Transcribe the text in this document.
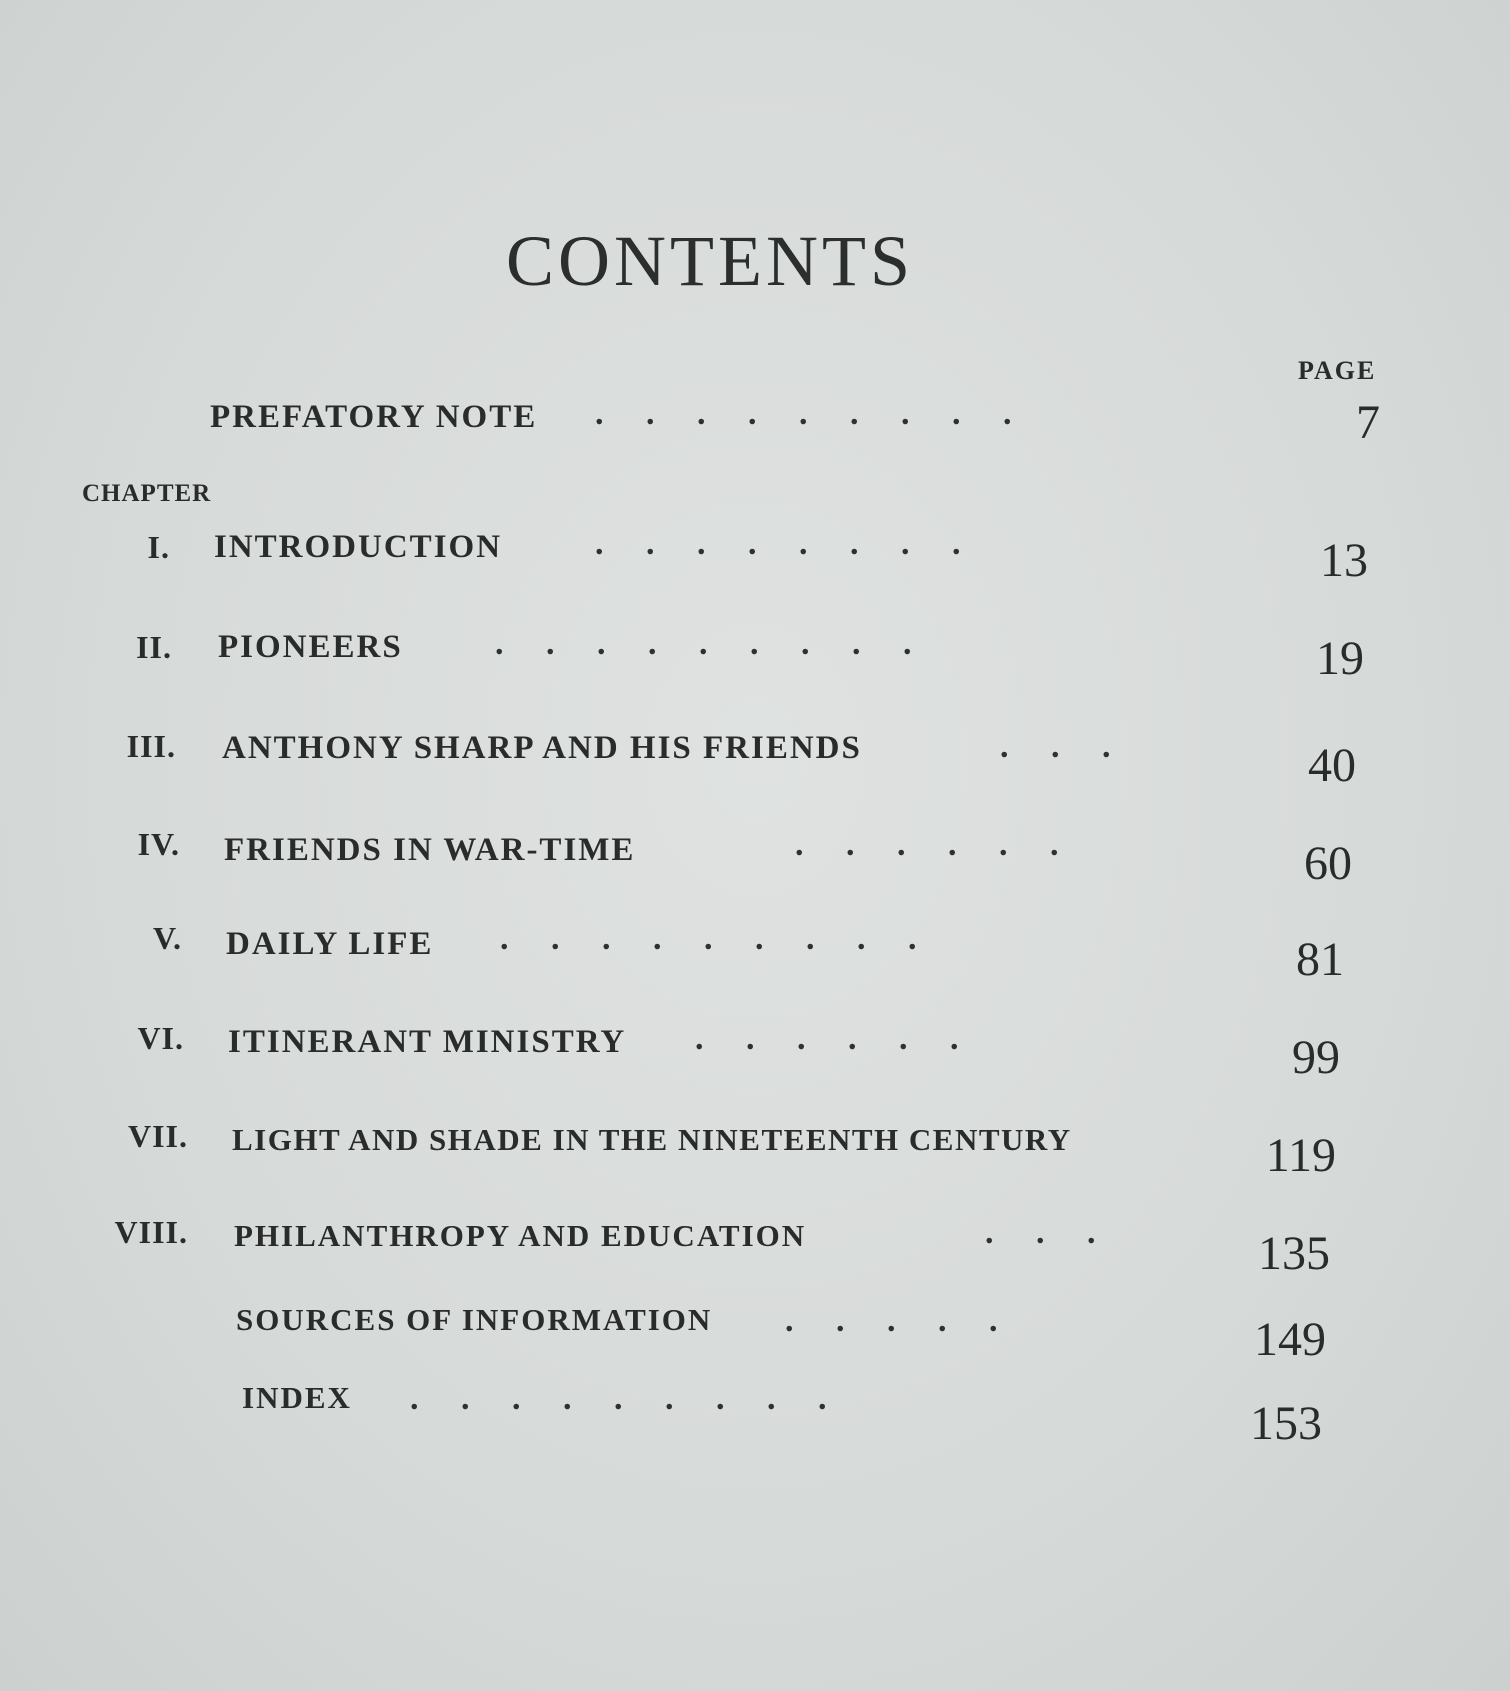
CONTENTS
PAGE
CHAPTER
PREFATORY NOTE .     .     .     .     .     .     .     .     .	7
I. INTRODUCTION	.     .     .     .     .     .     .     .	13
II. PIONEERS	.     .     .     .     .     .     .     .     .	19
III. ANTHONY SHARP AND HIS FRIENDS	.     .     .	40
IV. FRIENDS IN WAR-TIME	.     .     .     .     .     .	60
V. DAILY LIFE .     .     .     .     .     .     .     .     .	81
VI. ITINERANT MINISTRY .     .     .     .     .     .	99
VII. LIGHT AND SHADE IN THE NINETEENTH CENTURY	119
VIII. PHILANTHROPY AND EDUCATION	.     .     .	135
SOURCES OF INFORMATION .     .     .     .     .	149
INDEX .     .     .     .     .     .     .     .     .	153
